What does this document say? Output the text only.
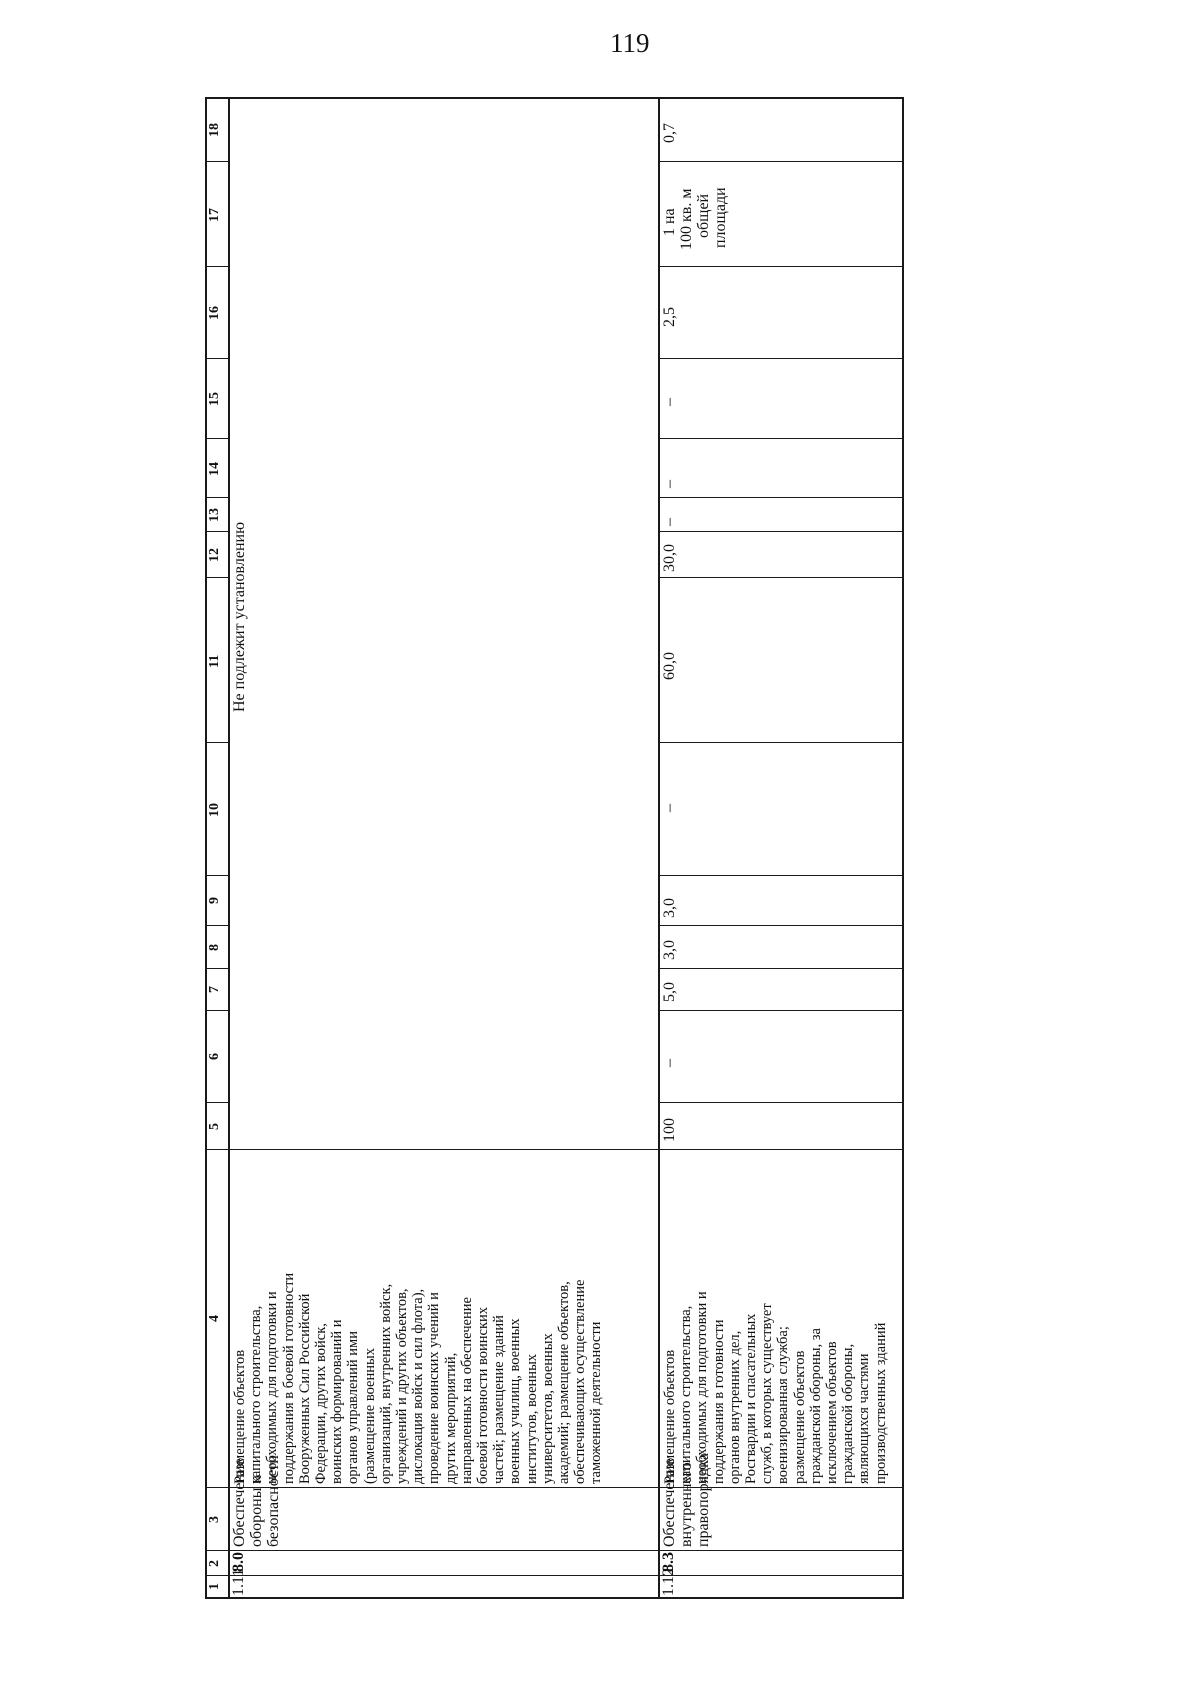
119
1
2
3
4
5
6
7
8
9
10
11
12
13
14
15
16
17
18
1.11
8.0
Обеспечение обороны и безопасности
Размещение объектов капитального строительства, необходимых для подготовки и поддержания в боевой готовности Вооруженных Сил Российской Федерации, других войск, воинских формирований и органов управлений ими (размещение военных организаций, внутренних войск, учреждений и других объектов, дислокация войск и сил флота), проведение воинских учений и других мероприятий, направленных на обеспечение боевой готовности воинских частей; размещение зданий военных училищ, военных институтов, военных университетов, военных академий; размещение объектов, обеспечивающих осуществление таможенной деятельности
Не подлежит установлению
1.12
8.3
Обеспечение внутреннего правопорядка
Размещение объектов капитального строительства, необходимых для подготовки и поддержания в готовности органов внутренних дел, Росгвардии и спасательных служб, в которых существует военизированная служба; размещение объектов гражданской обороны, за исключением объектов гражданской обороны, являющихся частями производственных зданий
100
–
5,0
3,0
3,0
–
60,0
30,0
–
–
–
2,5
0,7
1 на 100 кв. м общей площади
